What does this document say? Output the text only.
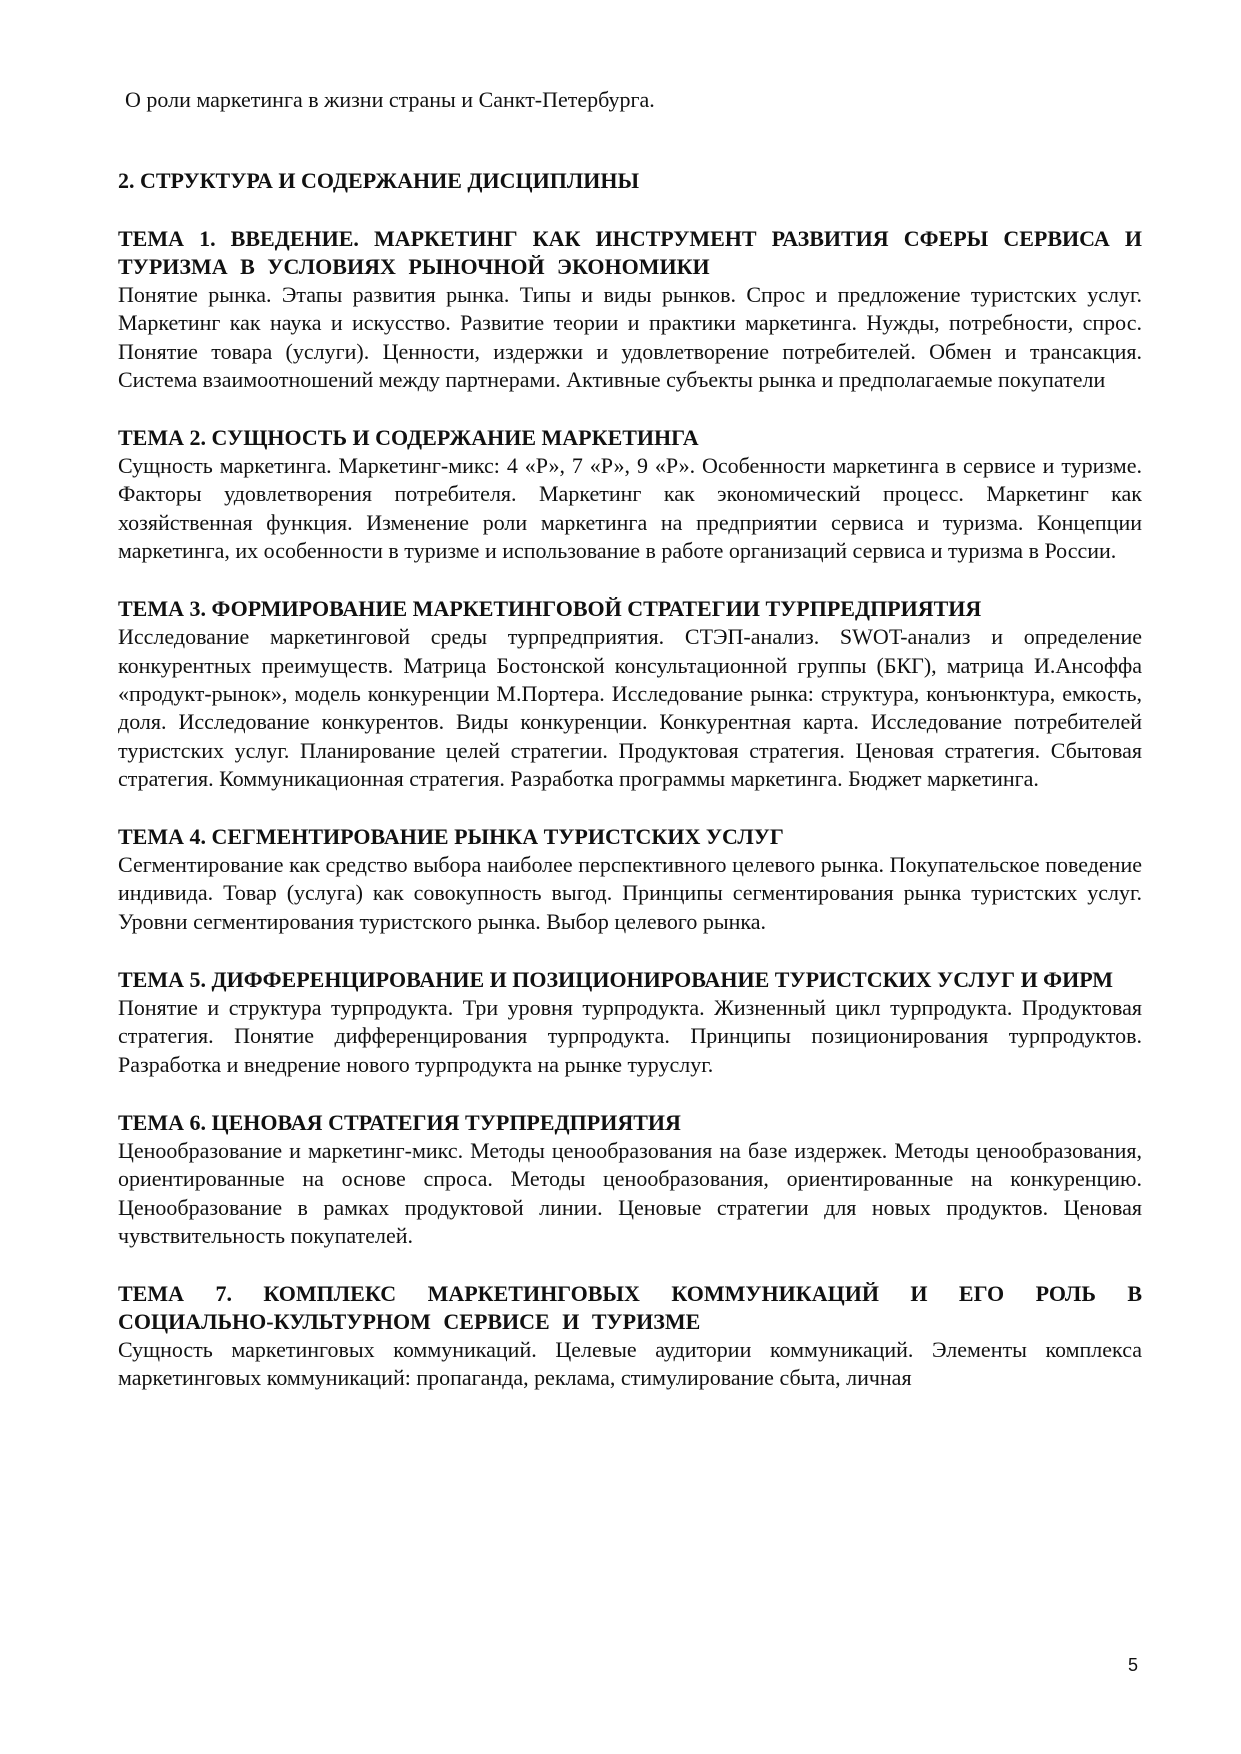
О роли маркетинга в жизни страны и Санкт-Петербурга.

2. СТРУКТУРА И СОДЕРЖАНИЕ ДИСЦИПЛИНЫ

ТЕМА 1. ВВЕДЕНИЕ. МАРКЕТИНГ КАК ИНСТРУМЕНТ РАЗВИТИЯ СФЕРЫ СЕРВИСА И ТУРИЗМА В УСЛОВИЯХ РЫНОЧНОЙ ЭКОНОМИКИ

Понятие рынка. Этапы развития рынка. Типы и виды рынков. Спрос и предложение туристских услуг. Маркетинг как наука и искусство. Развитие теории и практики маркетинга. Нужды, потребности, спрос. Понятие товара (услуги). Ценности, издержки и удовлетворение потребителей. Обмен и трансакция. Система взаимоотношений между партнерами. Активные субъекты рынка и предполагаемые покупатели

ТЕМА 2. СУЩНОСТЬ И СОДЕРЖАНИЕ МАРКЕТИНГА

Сущность маркетинга. Маркетинг-микс: 4 «Р», 7 «Р», 9 «Р». Особенности маркетинга в сервисе и туризме. Факторы удовлетворения потребителя. Маркетинг как экономический процесс. Маркетинг как хозяйственная функция. Изменение роли маркетинга на предприятии сервиса и туризма. Концепции маркетинга, их особенности в туризме и использование в работе организаций сервиса и туризма в России.

ТЕМА 3. ФОРМИРОВАНИЕ МАРКЕТИНГОВОЙ СТРАТЕГИИ ТУРПРЕДПРИЯТИЯ

Исследование маркетинговой среды турпредприятия. СТЭП-анализ. SWOT-анализ и определение конкурентных преимуществ. Матрица Бостонской консультационной группы (БКГ), матрица И.Ансоффа «продукт-рынок», модель конкуренции М.Портера. Исследование рынка: структура, конъюнктура, емкость, доля. Исследование конкурентов. Виды конкуренции. Конкурентная карта. Исследование потребителей туристских услуг. Планирование целей стратегии. Продуктовая стратегия. Ценовая стратегия. Сбытовая стратегия. Коммуникационная стратегия. Разработка программы маркетинга. Бюджет маркетинга.

ТЕМА 4. СЕГМЕНТИРОВАНИЕ РЫНКА ТУРИСТСКИХ УСЛУГ

Сегментирование как средство выбора наиболее перспективного целевого рынка. Покупательское поведение индивида. Товар (услуга) как совокупность выгод. Принципы сегментирования рынка туристских услуг. Уровни сегментирования туристского рынка. Выбор целевого рынка.

ТЕМА 5. ДИФФЕРЕНЦИРОВАНИЕ И ПОЗИЦИОНИРОВАНИЕ ТУРИСТСКИХ УСЛУГ И ФИРМ

Понятие и структура турпродукта. Три уровня турпродукта. Жизненный цикл турпродукта. Продуктовая стратегия. Понятие дифференцирования турпродукта. Принципы позиционирования турпродуктов. Разработка и внедрение нового турпродукта на рынке туруслуг.

ТЕМА 6. ЦЕНОВАЯ СТРАТЕГИЯ ТУРПРЕДПРИЯТИЯ

Ценообразование и маркетинг-микс. Методы ценообразования на базе издержек. Методы ценообразования, ориентированные на основе спроса. Методы ценообразования, ориентированные на конкуренцию. Ценообразование в рамках продуктовой линии. Ценовые стратегии для новых продуктов. Ценовая чувствительность покупателей.

ТЕМА 7. КОМПЛЕКС МАРКЕТИНГОВЫХ КОММУНИКАЦИЙ И ЕГО РОЛЬ В СОЦИАЛЬНО-КУЛЬТУРНОМ СЕРВИСЕ И ТУРИЗМЕ

Сущность маркетинговых коммуникаций. Целевые аудитории коммуникаций. Элементы комплекса маркетинговых коммуникаций: пропаганда, реклама, стимулирование сбыта, личная

5
